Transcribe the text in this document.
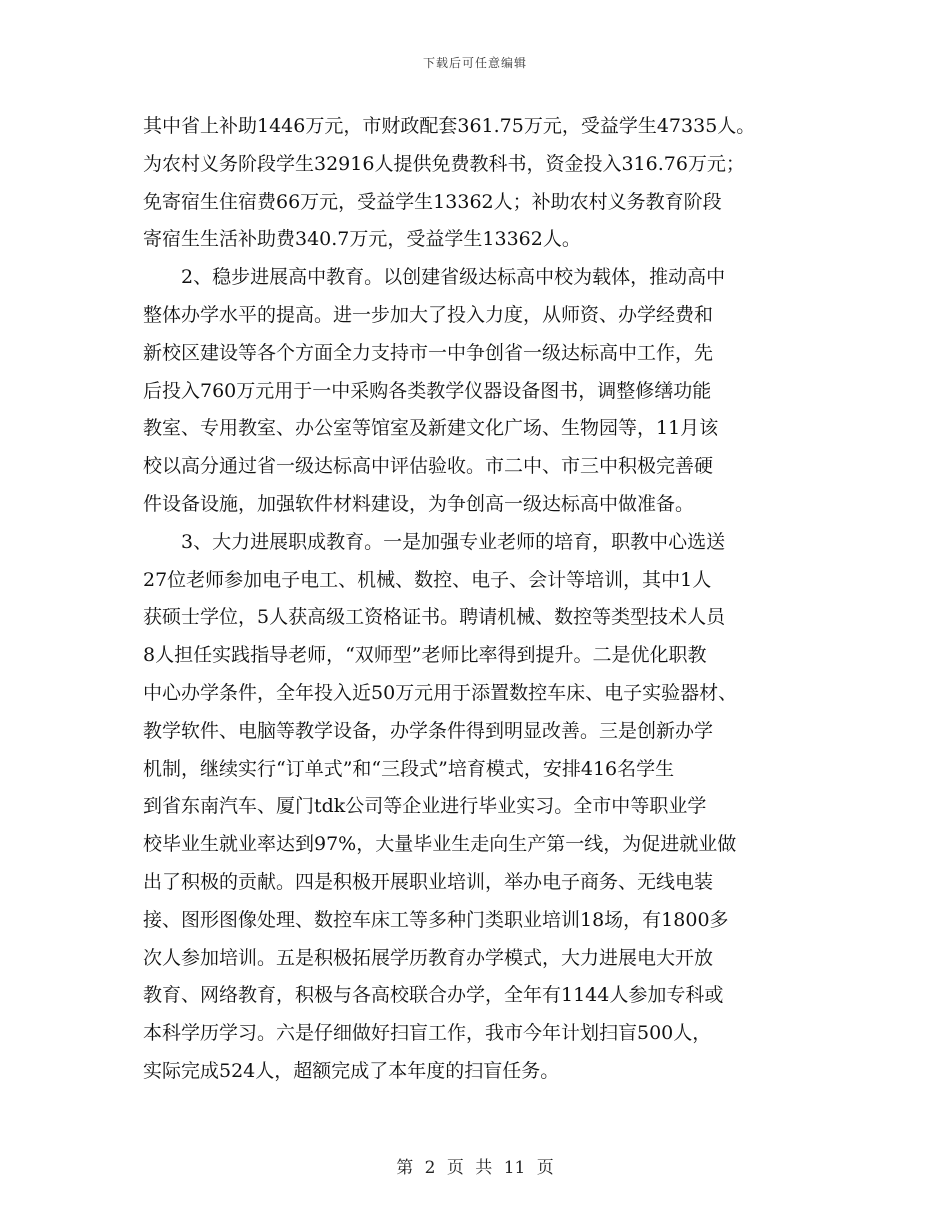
下载后可任意编辑
其中省上补助1446万元，市财政配套361.75万元，受益学生47335人。
为农村义务阶段学生32916人提供免费教科书，资金投入316.76万元；
免寄宿生住宿费66万元，受益学生13362人；补助农村义务教育阶段
寄宿生生活补助费340.7万元，受益学生13362人。
2、稳步进展高中教育。以创建省级达标高中校为载体，推动高中
整体办学水平的提高。进一步加大了投入力度，从师资、办学经费和
新校区建设等各个方面全力支持市一中争创省一级达标高中工作，先
后投入760万元用于一中采购各类教学仪器设备图书，调整修缮功能
教室、专用教室、办公室等馆室及新建文化广场、生物园等，11月该
校以高分通过省一级达标高中评估验收。市二中、市三中积极完善硬
件设备设施，加强软件材料建设，为争创高一级达标高中做准备。
3、大力进展职成教育。一是加强专业老师的培育，职教中心选送
27位老师参加电子电工、机械、数控、电子、会计等培训，其中1人
获硕士学位，5人获高级工资格证书。聘请机械、数控等类型技术人员
8人担任实践指导老师，“双师型”老师比率得到提升。二是优化职教
中心办学条件，全年投入近50万元用于添置数控车床、电子实验器材、
教学软件、电脑等教学设备，办学条件得到明显改善。三是创新办学
机制，继续实行“订单式”和“三段式”培育模式，安排416名学生
到省东南汽车、厦门tdk公司等企业进行毕业实习。全市中等职业学
校毕业生就业率达到97%，大量毕业生走向生产第一线，为促进就业做
出了积极的贡献。四是积极开展职业培训，举办电子商务、无线电装
接、图形图像处理、数控车床工等多种门类职业培训18场，有1800多
次人参加培训。五是积极拓展学历教育办学模式，大力进展电大开放
教育、网络教育，积极与各高校联合办学，全年有1144人参加专科或
本科学历学习。六是仔细做好扫盲工作，我市今年计划扫盲500人，
实际完成524人，超额完成了本年度的扫盲任务。
第 2 页 共 11 页
